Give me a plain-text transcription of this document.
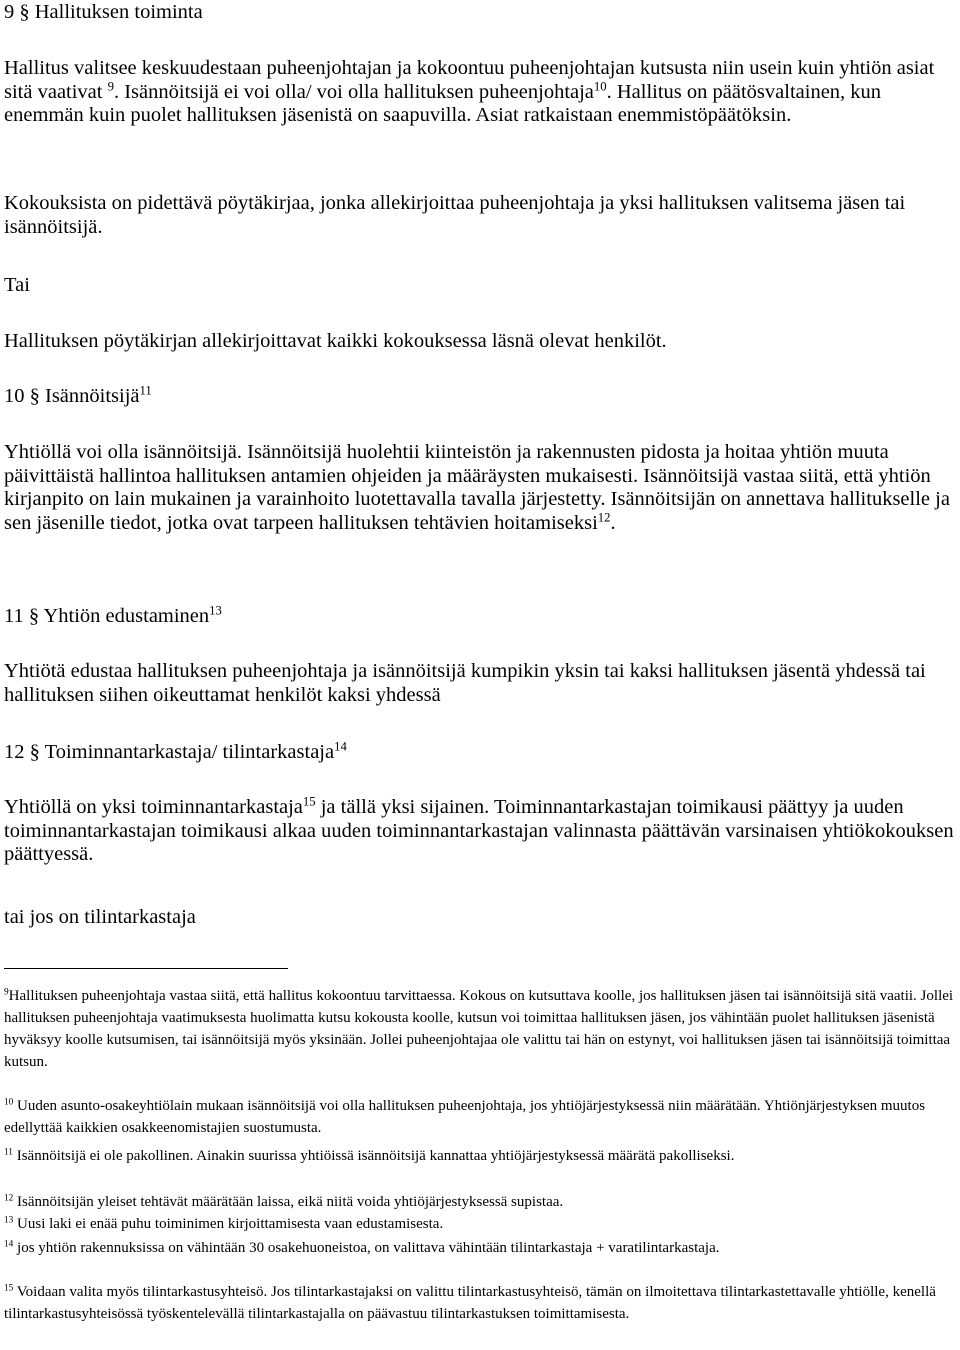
9 § Hallituksen toiminta

Hallitus valitsee keskuudestaan puheenjohtajan ja kokoontuu puheenjohtajan kutsusta niin usein kuin yhtiön asiat sitä vaativat $^9$. Isännöitsijä ei voi olla/ voi olla hallituksen puheenjohtaja$^{10}$. Hallitus on päätösvaltainen, kun enemmän kuin puolet hallituksen jäsenistä on saapuvilla. Asiat ratkaistaan enemmistöpäätöksin.

Kokouksista on pidettävä pöytäkirjaa, jonka allekirjoittaa puheenjohtaja ja yksi hallituksen valitsema jäsen tai isännöitsijä.

Tai

Hallituksen pöytäkirjan allekirjoittavat kaikki kokouksessa läsnä olevat henkilöt.

10 § Isännöitsijä$^{11}$

Yhtiöllä voi olla isännöitsijä. Isännöitsijä huolehtii kiinteistön ja rakennusten pidosta ja hoitaa yhtiön muuta päivittäistä hallintoa hallituksen antamien ohjeiden ja määräysten mukaisesti. Isännöitsijä vastaa siitä, että yhtiön kirjanpito on lain mukainen ja varainhoito luotettavalla tavalla järjestetty. Isännöitsijän on annettava hallitukselle ja sen jäsenille tiedot, jotka ovat tarpeen hallituksen tehtävien hoitamiseksi$^{12}$.

11 § Yhtiön edustaminen$^{13}$

Yhtiötä edustaa hallituksen puheenjohtaja ja isännöitsijä kumpikin yksin tai kaksi hallituksen jäsentä yhdessä tai hallituksen siihen oikeuttamat henkilöt kaksi yhdessä

12 § Toiminnantarkastaja/ tilintarkastaja$^{14}$

Yhtiöllä on yksi toiminnantarkastaja$^{15}$ ja tällä yksi sijainen. Toiminnantarkastajan toimikausi päättyy ja uuden toiminnantarkastajan toimikausi alkaa uuden toiminnantarkastajan valinnasta päättävän varsinaisen yhtiökokouksen päättyessä.

tai jos on tilintarkastaja

$^9$Hallituksen puheenjohtaja vastaa siitä, että hallitus kokoontuu tarvittaessa. Kokous on kutsuttava koolle, jos hallituksen jäsen tai isännöitsijä sitä vaatii. Jollei hallituksen puheenjohtaja vaatimuksesta huolimatta kutsu kokousta koolle, kutsun voi toimittaa hallituksen jäsen, jos vähintään puolet hallituksen jäsenistä hyväksyy koolle kutsumisen, tai isännöitsijä myös yksinään. Jollei puheenjohtajaa ole valittu tai hän on estynyt, voi hallituksen jäsen tai isännöitsijä toimittaa kutsun.

$^{10}$ Uuden asunto-osakeyhtiölain mukaan isännöitsijä voi olla hallituksen puheenjohtaja, jos yhtiöjärjestyksessä niin määrätään. Yhtiönjärjestyksen muutos edellyttää kaikkien osakkeenomistajien suostumusta.

$^{11}$ Isännöitsijä ei ole pakollinen. Ainakin suurissa yhtiöissä isännöitsijä kannattaa yhtiöjärjestyksessä määrätä pakolliseksi.

$^{12}$ Isännöitsijän yleiset tehtävät määrätään laissa, eikä niitä voida yhtiöjärjestyksessä supistaa.

$^{13}$ Uusi laki ei enää puhu toiminimen kirjoittamisesta vaan edustamisesta.

$^{14}$ jos yhtiön rakennuksissa on vähintään 30 osakehuoneistoa, on valittava vähintään tilintarkastaja + varatilintarkastaja.

$^{15}$ Voidaan valita myös tilintarkastusyhteisö. Jos tilintarkastajaksi on valittu tilintarkastusyhteisö, tämän on ilmoitettava tilintarkastettavalle yhtiölle, kenellä tilintarkastusyhteisössä työskentelevällä tilintarkastajalla on päävastuu tilintarkastuksen toimittamisesta.
